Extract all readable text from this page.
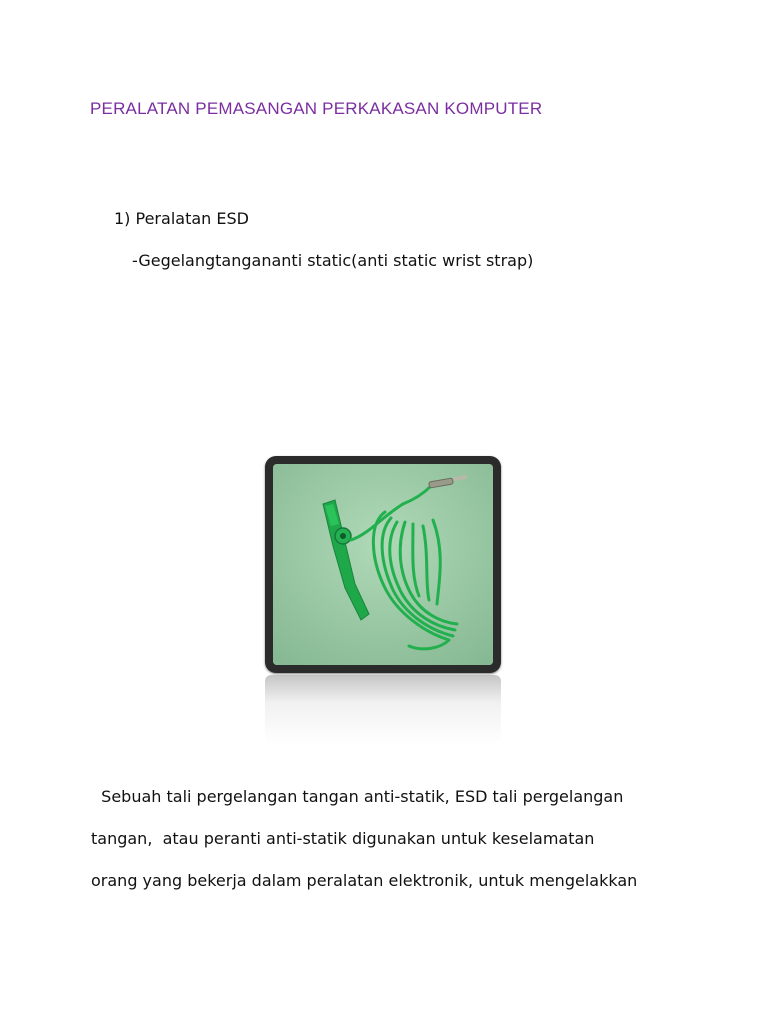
PERALATAN PEMASANGAN PERKAKASAN KOMPUTER
1) Peralatan ESD
-Gegelangtangananti static(anti static wrist strap)
Sebuah tali pergelangan tangan anti-statik, ESD tali pergelangan
tangan,  atau peranti anti-statik digunakan untuk keselamatan
orang yang bekerja dalam peralatan elektronik, untuk mengelakkan
